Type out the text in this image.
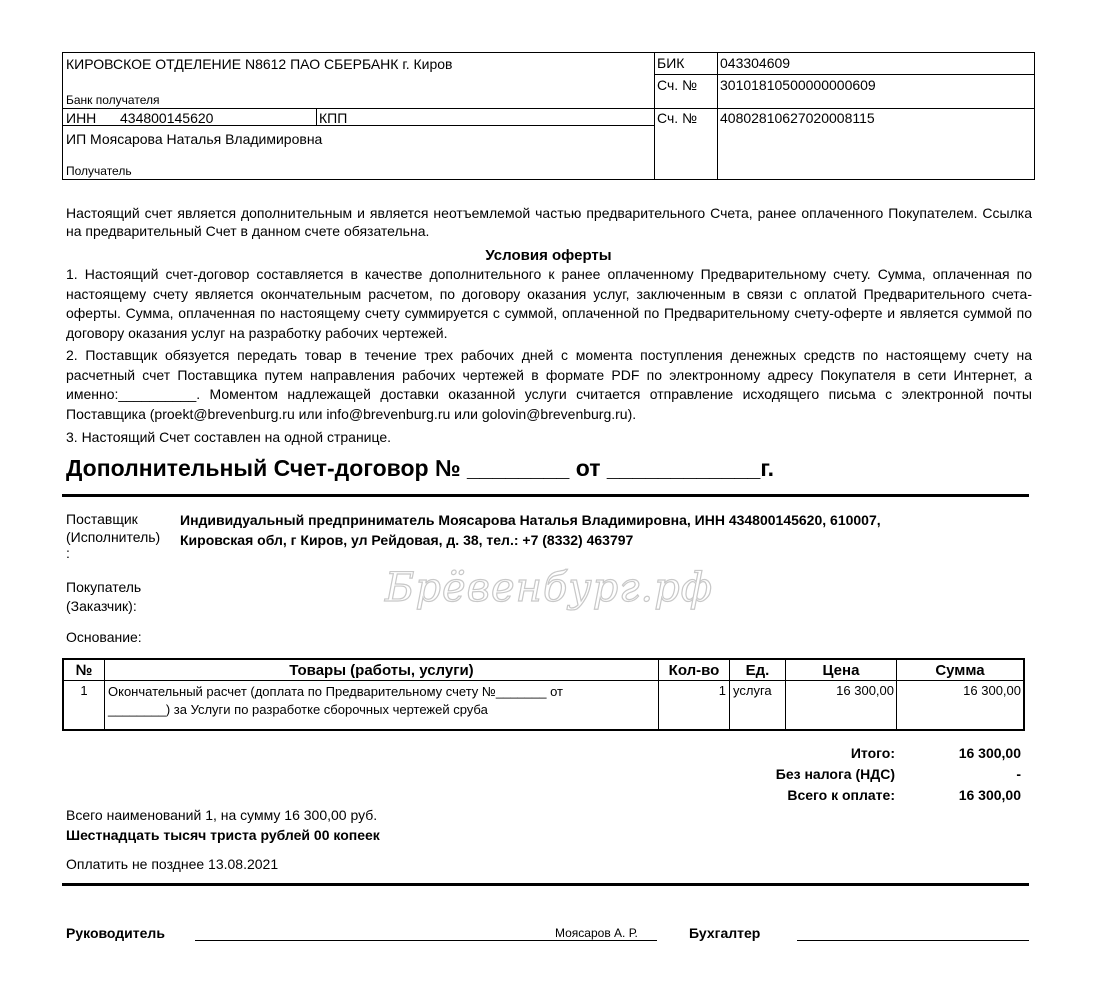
КИРОВСКОЕ ОТДЕЛЕНИЕ N8612 ПАО СБЕРБАНК г. Киров
Банк получателя
БИК	043304609
Сч. № 30101810500000000609
ИНН 434800145620	КПП	Сч. № 40802810627020008115
ИП Моясарова Наталья Владимировна
Получатель
Настоящий счет является дополнительным и является неотъемлемой частью предварительного Счета, ранее оплаченного Покупателем. Ссылка на предварительный Счет в данном счете обязательна.
Условия оферты
1. Настоящий счет-договор составляется в качестве дополнительного к ранее оплаченному Предварительному счету. Сумма, оплаченная по настоящему счету является окончательным расчетом, по договору оказания услуг, заключенным в связи с оплатой Предварительного счета-оферты. Сумма, оплаченная по настоящему счету суммируется с суммой, оплаченной по Предварительному счету-оферте и является суммой по договору оказания услуг на разработку рабочих чертежей.
2. Поставщик обязуется передать товар в течение трех рабочих дней с момента поступления денежных средств по настоящему счету на расчетный счет Поставщика путем направления рабочих чертежей в формате PDF по электронному адресу Покупателя в сети Интернет, а именно:__________. Моментом надлежащей доставки оказанной услуги считается отправление исходящего письма с электронной почты Поставщика (proekt@brevenburg.ru или info@brevenburg.ru или golovin@brevenburg.ru).
3. Настоящий Счет составлен на одной странице.
Дополнительный Счет-договор № ________ от ____________г.
Поставщик
(Исполнитель)
:
Индивидуальный предприниматель Моясарова Наталья Владимировна, ИНН 434800145620, 610007,
Кировская обл, г Киров, ул Рейдовая, д. 38, тел.: +7 (8332) 463797
Покупатель
(Заказчик):	Брёвенбург.рф
Основание:
№	Товары (работы, услуги)	Кол-во	Ед.	Цена	Сумма
1	Окончательный расчет (доплата по Предварительному счету №_______ от
________) за Услуги по разработке сборочных чертежей сруба
1 услуга	16 300,00	16 300,00
Итого:	16 300,00
Без налога (НДС)	-
Всего к оплате:	16 300,00
Всего наименований 1, на сумму 16 300,00 руб.
Шестнадцать тысяч триста рублей 00 копеек
Оплатить не позднее 13.08.2021
Руководитель	Моясаров А. Р.	Бухгалтер
